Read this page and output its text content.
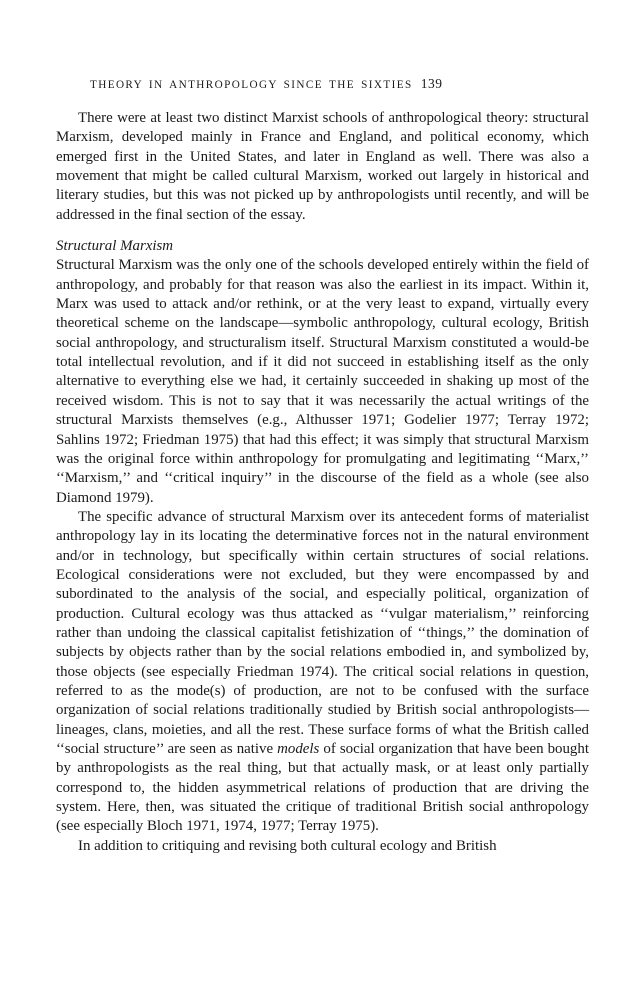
THEORY IN ANTHROPOLOGY SINCE THE SIXTIES 139

There were at least two distinct Marxist schools of anthropological theory: structural Marxism, developed mainly in France and England, and political economy, which emerged first in the United States, and later in England as well. There was also a movement that might be called cultural Marxism, worked out largely in historical and literary studies, but this was not picked up by anthropologists until recently, and will be addressed in the final section of the essay.

Structural Marxism

Structural Marxism was the only one of the schools developed entirely within the field of anthropology, and probably for that reason was also the earliest in its impact. Within it, Marx was used to attack and/or rethink, or at the very least to expand, virtually every theoretical scheme on the landscape—symbolic anthropology, cultural ecology, British social anthropology, and structuralism itself. Structural Marxism constituted a would-be total intellectual revolution, and if it did not succeed in establishing itself as the only alternative to everything else we had, it certainly succeeded in shaking up most of the received wisdom. This is not to say that it was necessarily the actual writings of the structural Marxists themselves (e.g., Althusser 1971; Godelier 1977; Terray 1972; Sahlins 1972; Friedman 1975) that had this effect; it was simply that structural Marxism was the original force within anthropology for promulgating and legitimating ‘‘Marx,’’ ‘‘Marxism,’’ and ‘‘critical inquiry’’ in the discourse of the field as a whole (see also Diamond 1979).

The specific advance of structural Marxism over its antecedent forms of materialist anthropology lay in its locating the determinative forces not in the natural environment and/or in technology, but specifically within certain structures of social relations. Ecological considerations were not excluded, but they were encompassed by and subordinated to the analysis of the social, and especially political, organization of production. Cultural ecology was thus attacked as ‘‘vulgar materialism,’’ reinforcing rather than undoing the classical capitalist fetishization of ‘‘things,’’ the domination of subjects by objects rather than by the social relations embodied in, and symbolized by, those objects (see especially Friedman 1974). The critical social relations in question, referred to as the mode(s) of production, are not to be confused with the surface organization of social relations traditionally studied by British social anthropologists—lineages, clans, moieties, and all the rest. These surface forms of what the British called ‘‘social structure’’ are seen as native models of social organization that have been bought by anthropologists as the real thing, but that actually mask, or at least only partially correspond to, the hidden asymmetrical relations of production that are driving the system. Here, then, was situated the critique of traditional British social anthropology (see especially Bloch 1971, 1974, 1977; Terray 1975).

In addition to critiquing and revising both cultural ecology and British
